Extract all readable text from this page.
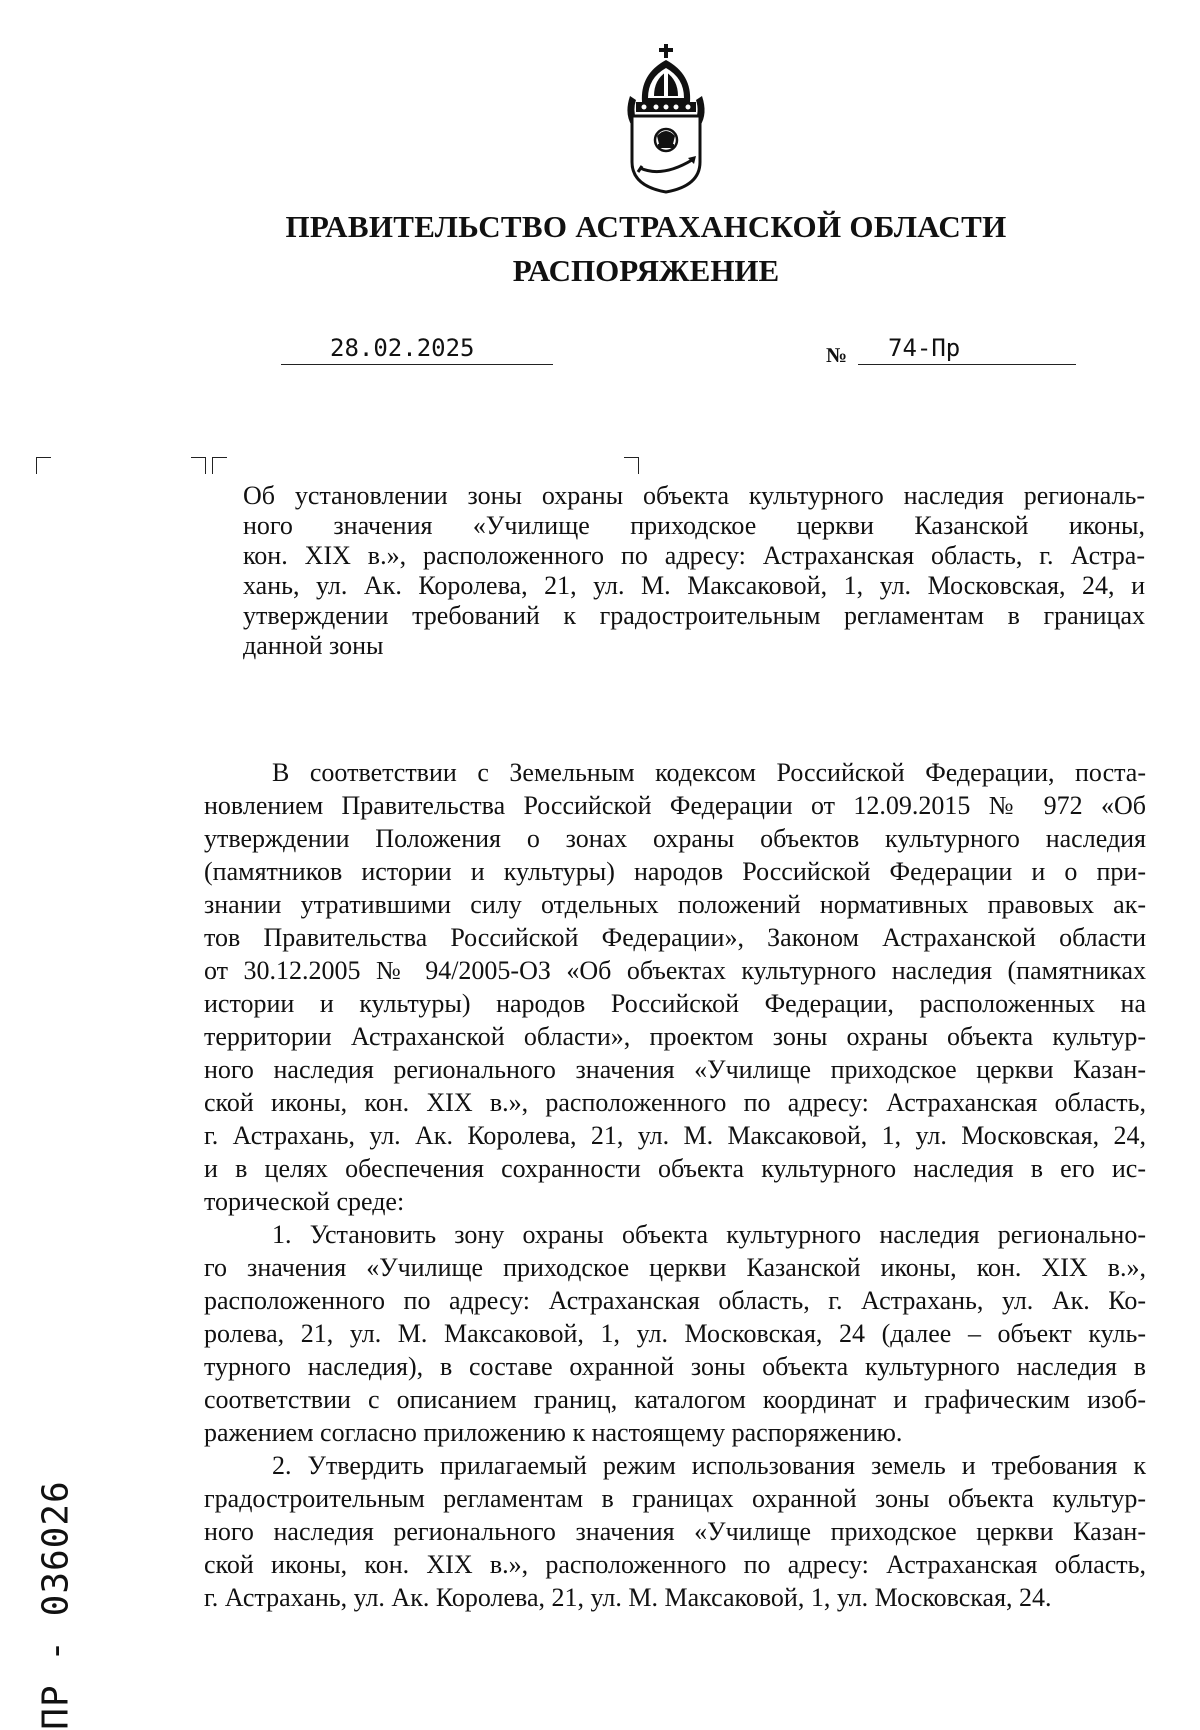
ПРАВИТЕЛЬСТВО АСТРАХАНСКОЙ ОБЛАСТИ
РАСПОРЯЖЕНИЕ
28.02.2025	№ 74-Пр
Об установлении зоны охраны объекта культурного наследия региональ-
ного значения «Училище приходское церкви Казанской иконы,
кон. XIX в.», расположенного по адресу: Астраханская область, г. Астра-
хань, ул. Ак. Королева, 21, ул. М. Максаковой, 1, ул. Московская, 24, и
утверждении требований к градостроительным регламентам в границах
данной зоны
В соответствии с Земельным кодексом Российской Федерации, поста-
новлением Правительства Российской Федерации от 12.09.2015 № 972 «Об
утверждении Положения о зонах охраны объектов культурного наследия
(памятников истории и культуры) народов Российской Федерации и о при-
знании утратившими силу отдельных положений нормативных правовых ак-
тов Правительства Российской Федерации», Законом Астраханской области
от 30.12.2005 № 94/2005-ОЗ «Об объектах культурного наследия (памятниках
истории и культуры) народов Российской Федерации, расположенных на
территории Астраханской области», проектом зоны охраны объекта культур-
ного наследия регионального значения «Училище приходское церкви Казан-
ской иконы, кон. XIX в.», расположенного по адресу: Астраханская область,
г. Астрахань, ул. Ак. Королева, 21, ул. М. Максаковой, 1, ул. Московская, 24,
и в целях обеспечения сохранности объекта культурного наследия в его ис-
торической среде:
1. Установить зону охраны объекта культурного наследия регионально-
го значения «Училище приходское церкви Казанской иконы, кон. XIX в.»,
расположенного по адресу: Астраханская область, г. Астрахань, ул. Ак. Ко-
ролева, 21, ул. М. Максаковой, 1, ул. Московская, 24 (далее – объект куль-
турного наследия), в составе охранной зоны объекта культурного наследия в
соответствии с описанием границ, каталогом координат и графическим изоб-
ражением согласно приложению к настоящему распоряжению.
2. Утвердить прилагаемый режим использования земель и требования к
градостроительным регламентам в границах охранной зоны объекта культур-
ного наследия регионального значения «Училище приходское церкви Казан-
ской иконы, кон. XIX в.», расположенного по адресу: Астраханская область,
г. Астрахань, ул. Ак. Королева, 21, ул. М. Максаковой, 1, ул. Московская, 24.
ПР - 036026
